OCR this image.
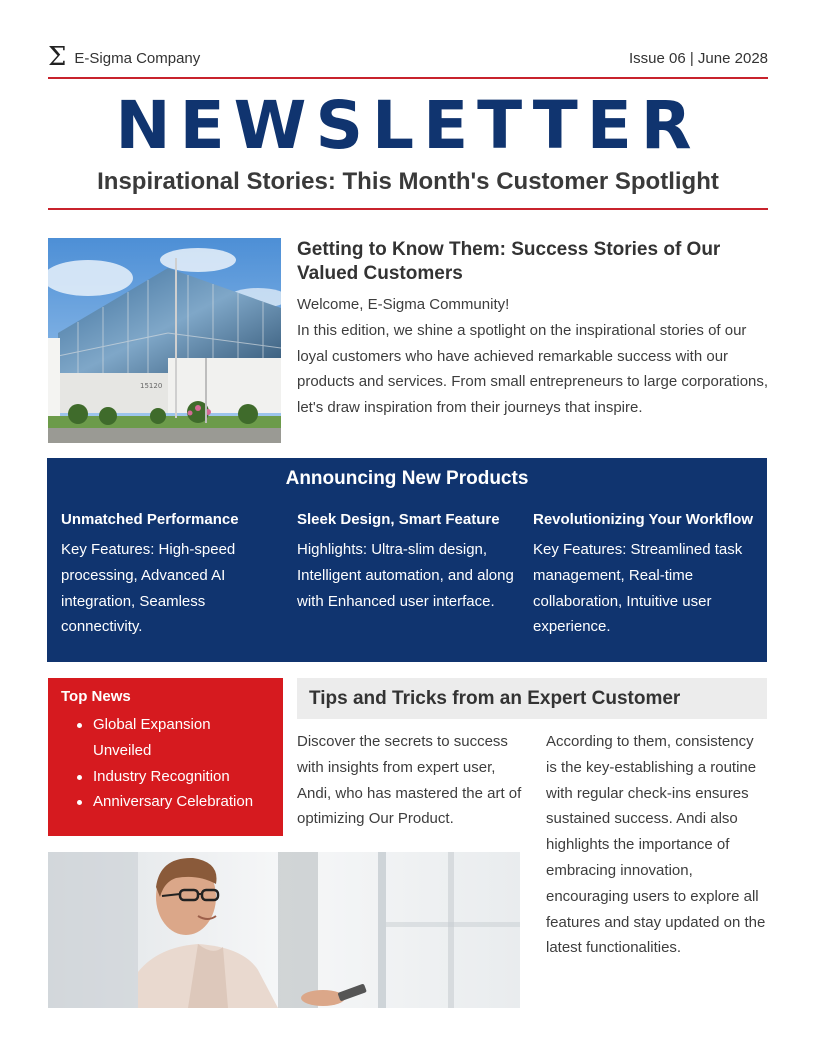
Σ E-Sigma Company	Issue 06 | June 2028
NEWSLETTER
Inspirational Stories: This Month's Customer Spotlight
15120
Getting to Know Them: Success Stories of Our Valued Customers

Welcome, E-Sigma Community!

In this edition, we shine a spotlight on the inspirational stories of our loyal customers who have achieved remarkable success with our products and services. From small entrepreneurs to large corporations, let's draw inspiration from their journeys that inspire.

Announcing New Products
Unmatched Performance

Key Features: High-speed processing, Advanced AI integration, Seamless connectivity.

Sleek Design, Smart Feature

Highlights: Ultra-slim design, Intelligent automation, and along with Enhanced user interface.

Revolutionizing Your Workflow

Key Features: Streamlined task management, Real-time collaboration, Intuitive user experience.

Top News
Global Expansion Unveiled
Industry Recognition
Anniversary Celebration
Tips and Tricks from an Expert Customer

Discover the secrets to success with insights from expert user, Andi, who has mastered the art of optimizing Our Product.

According to them, consistency is the key-establishing a routine with regular check-ins ensures sustained success. Andi also highlights the importance of embracing innovation, encouraging users to explore all features and stay updated on the latest functionalities.
